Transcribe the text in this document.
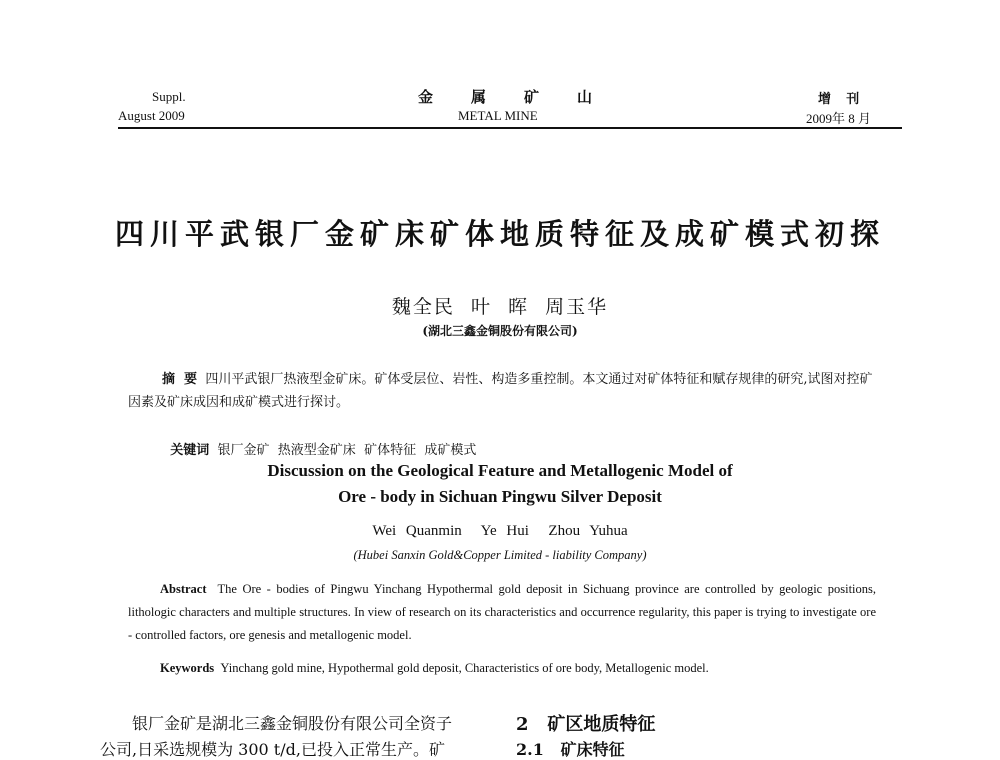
Suppl.
August 2009
金属矿山
METAL MINE
增 刊
2009年 8 月
四川平武银厂金矿床矿体地质特征及成矿模式初探
魏全民  叶  晖  周玉华
(湖北三鑫金铜股份有限公司)
摘  要 四川平武银厂热液型金矿床。矿体受层位、岩性、构造多重控制。本文通过对矿体特征和赋存规律的研究,试图对控矿因素及矿床成因和成矿模式进行探讨。

关键词 银厂金矿  热液型金矿床  矿体特征  成矿模式

Discussion on the Geological Feature and Metallogenic Model of
Ore - body in Sichuan Pingwu Silver Deposit
Wei Quanmin  Ye Hui  Zhou Yuhua
(Hubei Sanxin Gold&Copper Limited - liability Company)
Abstract The Ore - bodies of Pingwu Yinchang Hypothermal gold deposit in Sichuang province are controlled by geologic positions, lithologic characters and multiple structures. In view of research on its characteristics and occurrence regularity, this paper is trying to investigate ore - controlled factors, ore genesis and metallogenic model.
Keywords Yinchang gold mine, Hypothermal gold deposit, Characteristics of ore body, Metallogenic model.
银厂金矿是湖北三鑫金铜股份有限公司全资子
公司,日采选规模为 300 t/d,已投入正常生产。矿
2 矿区地质特征
2.1 矿床特征
